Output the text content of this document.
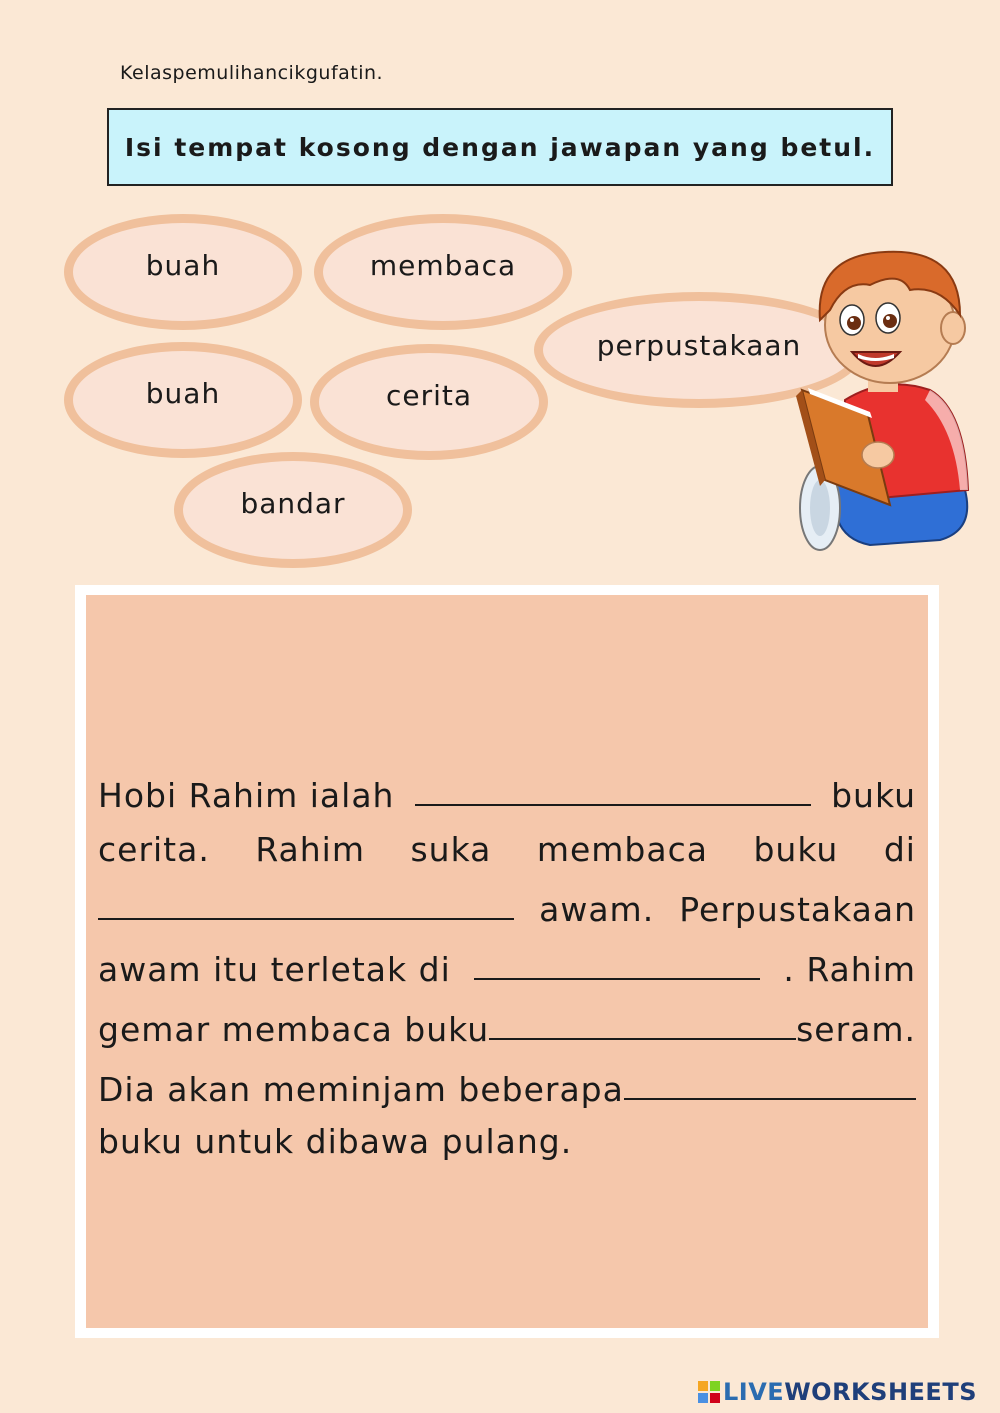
Kelaspemulihancikgufatin.
Isi tempat kosong dengan jawapan yang betul.
buah	membaca
perpustakaan
buah	cerita
bandar
Hobi Rahim ialah	buku
cerita. Rahim suka membaca buku di
awam. Perpustakaan
awam itu terletak di	. Rahim
gemar membaca buku	seram.
Dia akan meminjam beberapa
buku untuk dibawa pulang.
LIVE WORKSHEETS
